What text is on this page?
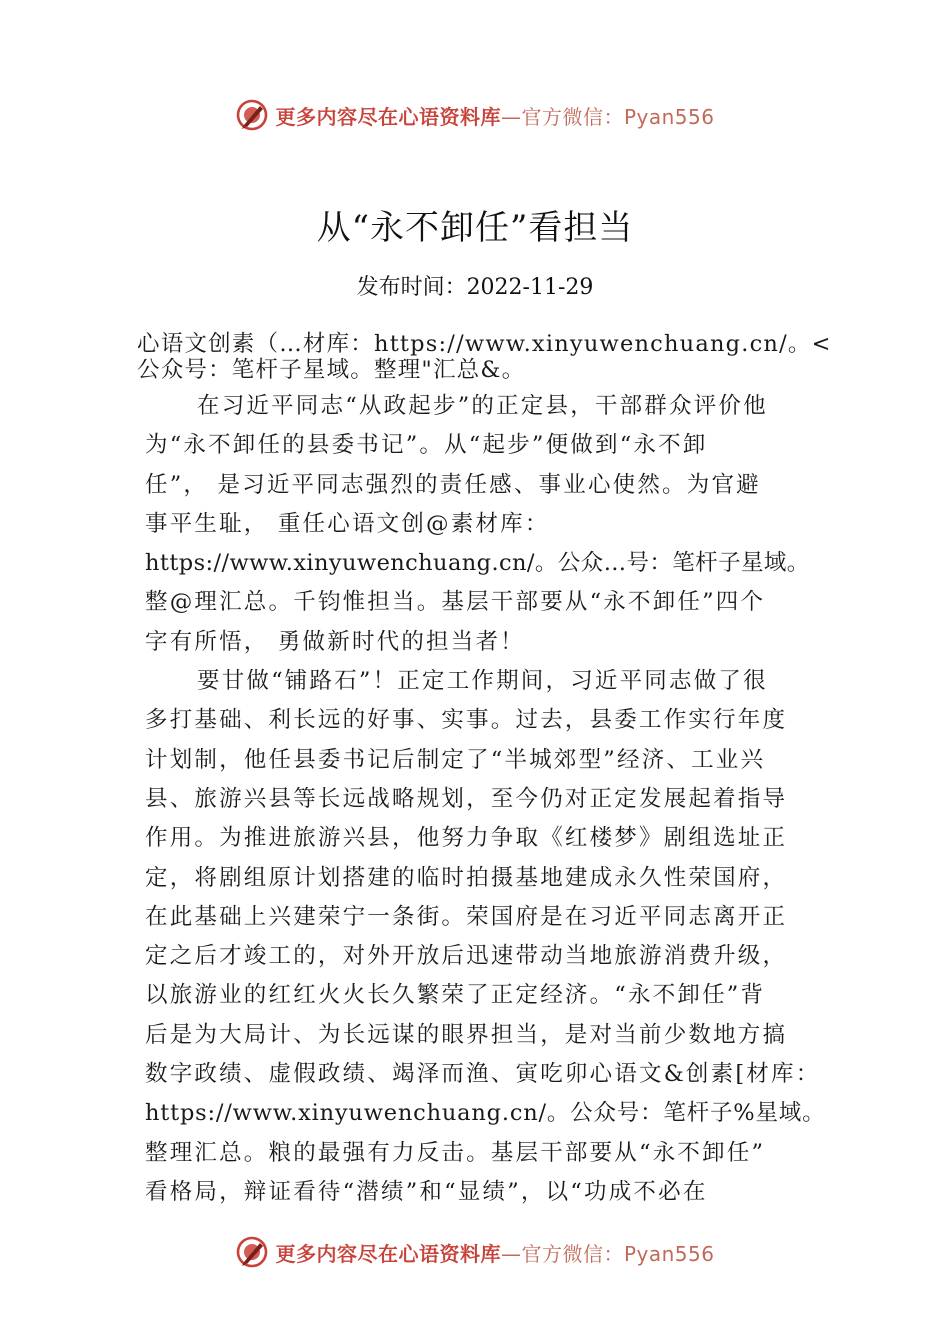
更多内容尽在心语资料库—官方微信：Pyan556
从“永不卸任”看担当
发布时间：2022-11-29
心语文创素（…材库：https://www.xinyuwenchuang.cn/。<
公众号：笔杆子星域。整理"汇总&。
在习近平同志“从政起步”的正定县，干部群众评价他
为“永不卸任的县委书记”。从“起步”便做到“永不卸
任”， 是习近平同志强烈的责任感、事业心使然。为官避
事平生耻， 重任心语文创@素材库：
https://www.xinyuwenchuang.cn/。公众…号：笔杆子星域。
整@理汇总。千钧惟担当。基层干部要从“永不卸任”四个
字有所悟， 勇做新时代的担当者！
要甘做“铺路石”！正定工作期间，习近平同志做了很
多打基础、利长远的好事、实事。过去，县委工作实行年度
计划制，他任县委书记后制定了“半城郊型”经济、工业兴
县、旅游兴县等长远战略规划，至今仍对正定发展起着指导
作用。为推进旅游兴县，他努力争取《红楼梦》剧组选址正
定，将剧组原计划搭建的临时拍摄基地建成永久性荣国府，
在此基础上兴建荣宁一条街。荣国府是在习近平同志离开正
定之后才竣工的，对外开放后迅速带动当地旅游消费升级，
以旅游业的红红火火长久繁荣了正定经济。“永不卸任”背
后是为大局计、为长远谋的眼界担当，是对当前少数地方搞
数字政绩、虚假政绩、竭泽而渔、寅吃卯心语文&创素[材库：
https://www.xinyuwenchuang.cn/。公众号：笔杆子%星域。
整理汇总。粮的最强有力反击。基层干部要从“永不卸任”
看格局，辩证看待“潜绩”和“显绩”，以“功成不必在
更多内容尽在心语资料库—官方微信：Pyan556
